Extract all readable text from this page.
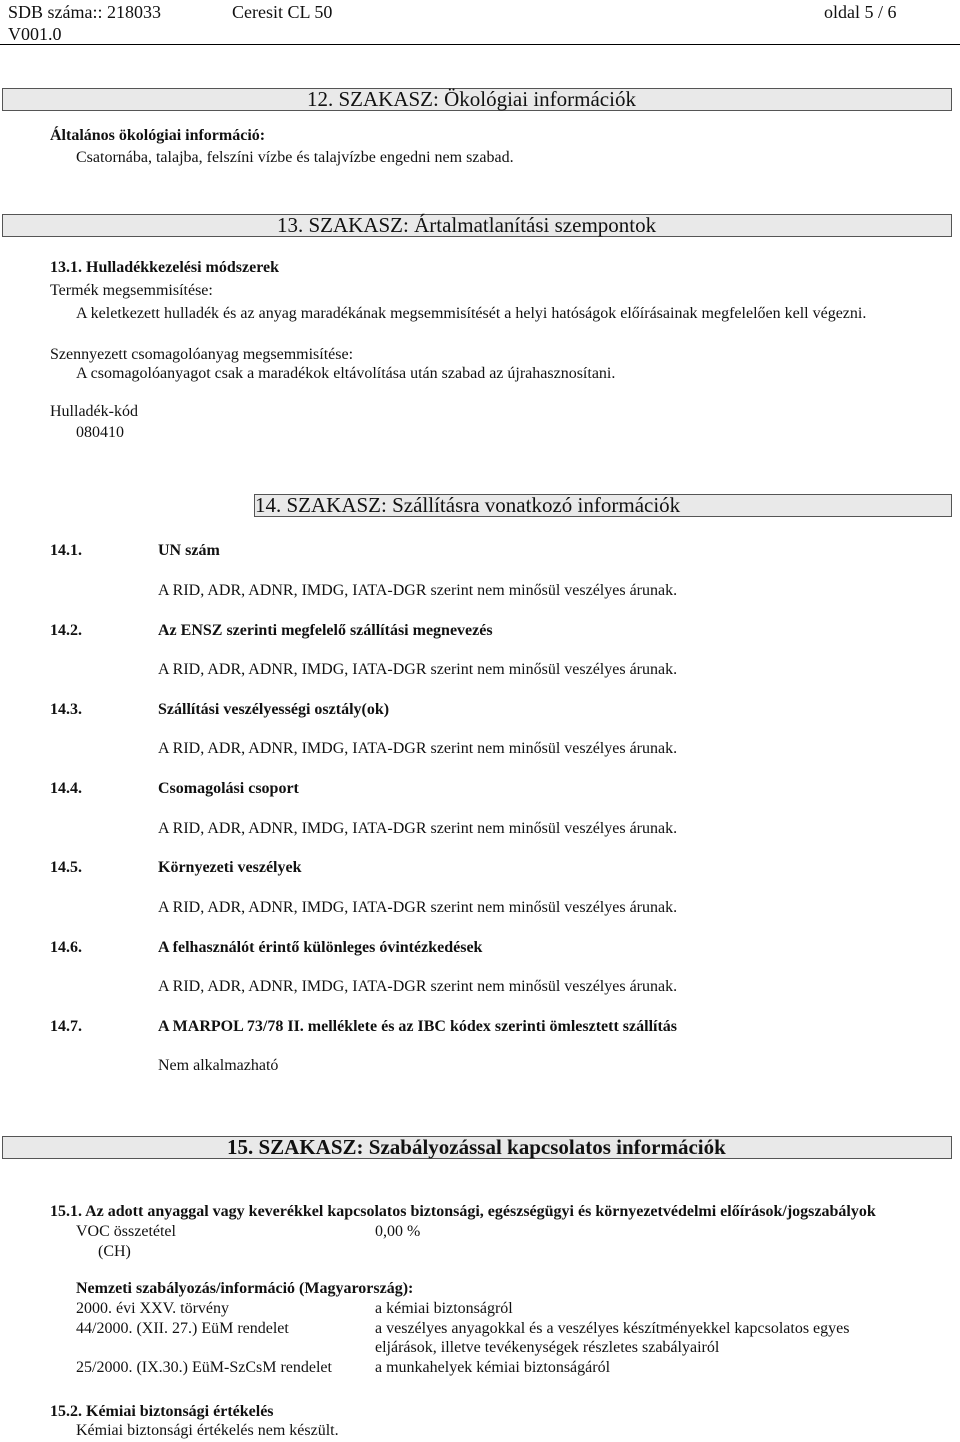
SDB száma:: 218033	Ceresit CL 50	oldal 5 / 6
V001.0
12. SZAKASZ: Ökológiai információk
Általános ökológiai információ:
Csatornába, talajba, felszíni vízbe és talajvízbe engedni nem szabad.
13. SZAKASZ: Ártalmatlanítási szempontok
13.1. Hulladékkezelési módszerek
Termék megsemmisítése:
A keletkezett hulladék és az anyag maradékának megsemmisítését a helyi hatóságok előírásainak megfelelően kell végezni.
Szennyezett csomagolóanyag megsemmisítése:
A csomagolóanyagot csak a maradékok eltávolítása után szabad az újrahasznosítani.
Hulladék-kód
080410
14. SZAKASZ: Szállításra vonatkozó információk
14.1.	UN szám
A RID, ADR, ADNR, IMDG, IATA-DGR szerint nem minősül veszélyes árunak.
14.2.	Az ENSZ szerinti megfelelő szállítási megnevezés
A RID, ADR, ADNR, IMDG, IATA-DGR szerint nem minősül veszélyes árunak.
14.3.	Szállítási veszélyességi osztály(ok)
A RID, ADR, ADNR, IMDG, IATA-DGR szerint nem minősül veszélyes árunak.
14.4.	Csomagolási csoport
A RID, ADR, ADNR, IMDG, IATA-DGR szerint nem minősül veszélyes árunak.
14.5.	Környezeti veszélyek
A RID, ADR, ADNR, IMDG, IATA-DGR szerint nem minősül veszélyes árunak.
14.6.	A felhasználót érintő különleges óvintézkedések
A RID, ADR, ADNR, IMDG, IATA-DGR szerint nem minősül veszélyes árunak.
14.7.	A MARPOL 73/78 II. melléklete és az IBC kódex szerinti ömlesztett szállítás
Nem alkalmazható
15. SZAKASZ: Szabályozással kapcsolatos információk
15.1. Az adott anyaggal vagy keverékkel kapcsolatos biztonsági, egészségügyi és környezetvédelmi előírások/jogszabályok
VOC összetétel	0,00 %
(CH)
Nemzeti szabályozás/információ (Magyarország):
2000. évi XXV. törvény	a kémiai biztonságról
44/2000. (XII. 27.) EüM rendelet	a veszélyes anyagokkal és a veszélyes készítményekkel kapcsolatos egyes
eljárások, illetve tevékenységek részletes szabályairól
25/2000. (IX.30.) EüM-SzCsM rendelet	a munkahelyek kémiai biztonságáról
15.2. Kémiai biztonsági értékelés
Kémiai biztonsági értékelés nem készült.
